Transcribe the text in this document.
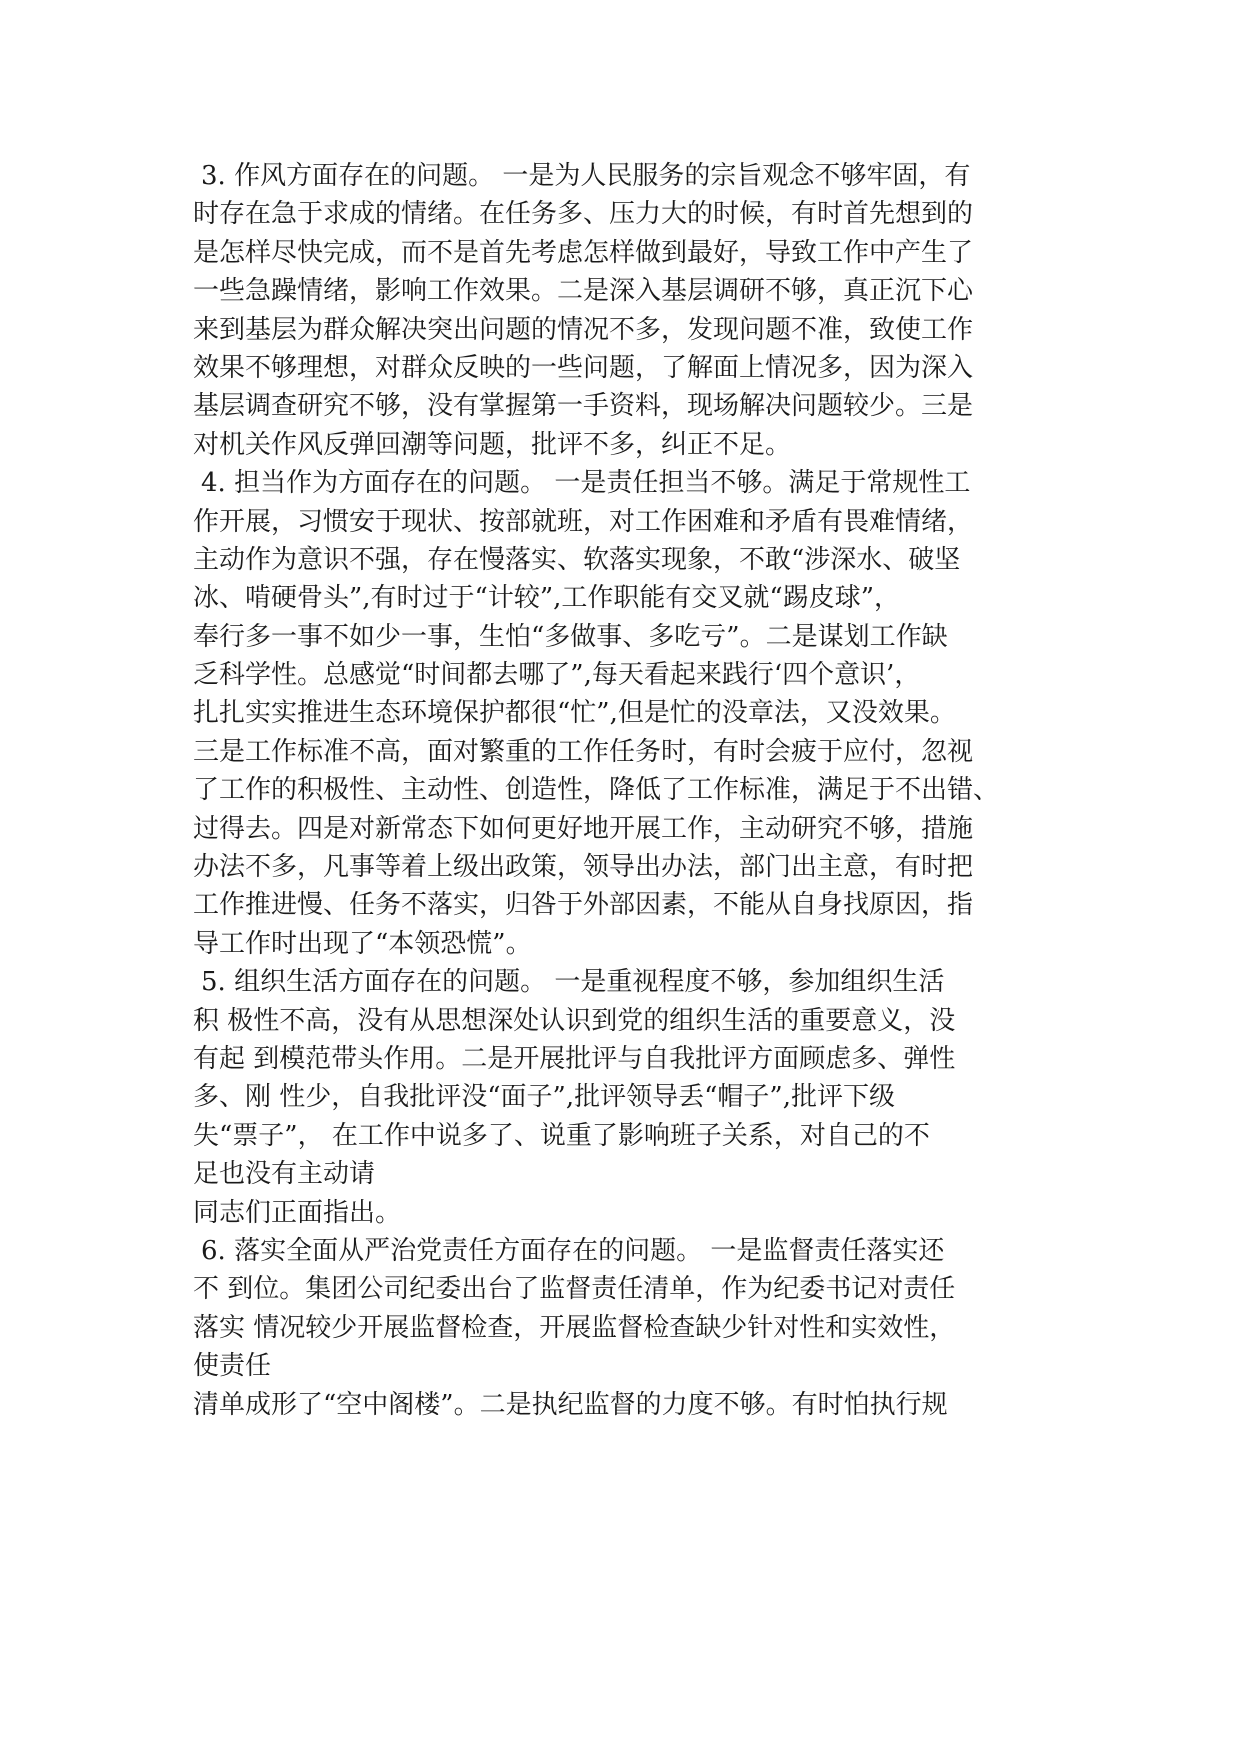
3. 作风方面存在的问题。 一是为人民服务的宗旨观念不够牢固，有
时存在急于求成的情绪。在任务多、压力大的时候，有时首先想到的
是怎样尽快完成，而不是首先考虑怎样做到最好，导致工作中产生了
一些急躁情绪，影响工作效果。二是深入基层调研不够，真正沉下心
来到基层为群众解决突出问题的情况不多，发现问题不准，致使工作
效果不够理想，对群众反映的一些问题，了解面上情况多，因为深入
基层调查研究不够，没有掌握第一手资料，现场解决问题较少。三是
对机关作风反弹回潮等问题，批评不多，纠正不足。
4. 担当作为方面存在的问题。 一是责任担当不够。满足于常规性工
作开展，习惯安于现状、按部就班，对工作困难和矛盾有畏难情绪，
主动作为意识不强，存在慢落实、软落实现象，不敢“涉深水、破坚
冰、啃硬骨头”,有时过于“计较”,工作职能有交叉就“踢皮球”，
奉行多一事不如少一事，生怕“多做事、多吃亏”。二是谋划工作缺
乏科学性。总感觉“时间都去哪了”,每天看起来践行‘四个意识’，
扎扎实实推进生态环境保护都很“忙”,但是忙的没章法，又没效果。
三是工作标准不高，面对繁重的工作任务时，有时会疲于应付，忽视
了工作的积极性、主动性、创造性，降低了工作标准，满足于不出错、
过得去。四是对新常态下如何更好地开展工作，主动研究不够，措施
办法不多，凡事等着上级出政策，领导出办法，部门出主意，有时把
工作推进慢、任务不落实，归咎于外部因素，不能从自身找原因，指
导工作时出现了“本领恐慌”。
5. 组织生活方面存在的问题。 一是重视程度不够，参加组织生活
积 极性不高，没有从思想深处认识到党的组织生活的重要意义，没
有起 到模范带头作用。二是开展批评与自我批评方面顾虑多、弹性
多、刚 性少，自我批评没“面子”,批评领导丢“帽子”,批评下级
失“票子”， 在工作中说多了、说重了影响班子关系，对自己的不
足也没有主动请
同志们正面指出。
6. 落实全面从严治党责任方面存在的问题。 一是监督责任落实还
不 到位。集团公司纪委出台了监督责任清单，作为纪委书记对责任
落实 情况较少开展监督检查，开展监督检查缺少针对性和实效性，
使责任
清单成形了“空中阁楼”。二是执纪监督的力度不够。有时怕执行规
